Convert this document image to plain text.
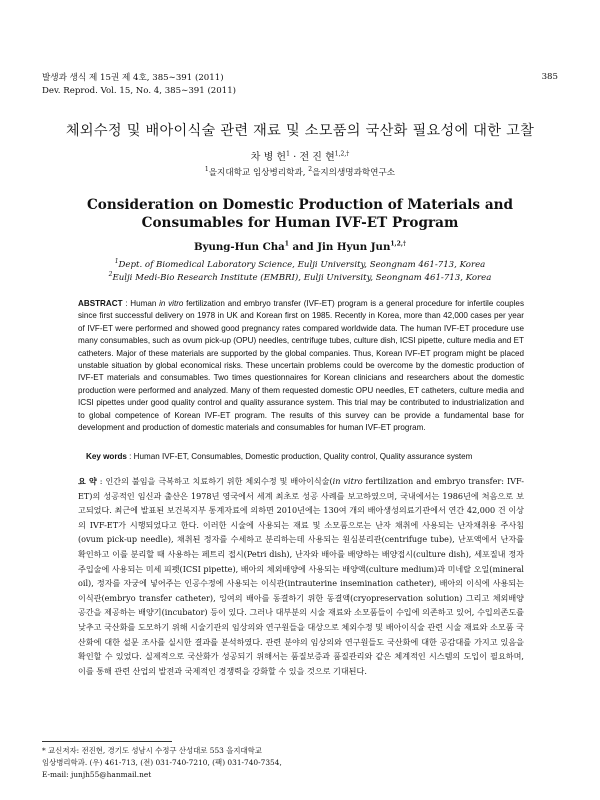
발생과 생식 제 15권 제 4호, 385∼391 (2011)
Dev. Reprod. Vol. 15, No. 4, 385∼391 (2011)
385
체외수정 및 배아이식술 관련 재료 및 소모품의 국산화 필요성에 대한 고찰
차 병 헌$^1$ · 전 진 현$^{1,2,\dagger}$
$^1$을지대학교 임상병리학과, $^2$을지의생명과학연구소
Consideration on Domestic Production of Materials and Consumables for Human IVF-ET Program
Byung-Hun Cha$^1$ and Jin Hyun Jun$^{1,2,\dagger}$
$^1$Dept. of Biomedical Laboratory Science, Eulji University, Seongnam 461-713, Korea
$^2$Eulji Medi-Bio Research Institute (EMBRI), Eulji University, Seongnam 461-713, Korea
ABSTRACT : Human in vitro fertilization and embryo transfer (IVF-ET) program is a general procedure for infertile couples since first successful delivery on 1978 in UK and Korean first on 1985. Recently in Korea, more than 42,000 cases per year of IVF-ET were performed and showed good pregnancy rates compared worldwide data. The human IVF-ET procedure use many consumables, such as ovum pick-up (OPU) needles, centrifuge tubes, culture dish, ICSI pipette, culture media and ET catheters. Major of these materials are supported by the global companies. Thus, Korean IVF-ET program might be placed unstable situation by global economical risks. These uncertain problems could be overcome by the domestic production of IVF-ET materials and consumables. Two times questionnaires for Korean clinicians and researchers about the domestic production were performed and analyzed. Many of them requested domestic OPU needles, ET catheters, culture media and ICSI pipettes under good quality control and quality assurance system. This trial may be contributed to industrialization and to global competence of Korean IVF-ET program. The results of this survey can be provide a fundamental base for development and production of domestic materials and consumables for human IVF-ET program.
Key words : Human IVF-ET, Consumables, Domestic production, Quality control, Quality assurance system
요 약 : 인간의 불임을 극복하고 치료하기 위한 체외수정 및 배아이식술(in vitro fertilization and embryo transfer: IVF-ET)의 성공적인 임신과 출산은 1978년 영국에서 세계 최초로 성공 사례를 보고하였으며, 국내에서는 1986년에 처음으로 보고되었다. 최근에 발표된 보건복지부 통계자료에 의하면 2010년에는 130여 개의 배아생성의료기관에서 연간 42,000 건 이상의 IVF-ET가 시행되었다고 한다. 이러한 시술에 사용되는 재료 및 소모품으로는 난자 채취에 사용되는 난자채취용 주사침(ovum pick-up needle), 채취된 정자를 수세하고 분리하는데 사용되는 원심분리관(centrifuge tube), 난포액에서 난자를 확인하고 이를 분리할 때 사용하는 페트리 접시(Petri dish), 난자와 배아를 배양하는 배양접시(culture dish), 세포질내 정자주입술에 사용되는 미세 피펫(ICSI pipette), 배아의 체외배양에 사용되는 배양액(culture medium)과 미네랄 오일(mineral oil), 정자를 자궁에 넣어주는 인공수정에 사용되는 이식관(intrauterine insemination catheter), 배아의 이식에 사용되는 이식관(embryo transfer catheter), 잉여의 배아를 동결하기 위한 동결액(cryopreservation solution) 그리고 체외배양 공간을 제공하는 배양기(incubator) 등이 있다. 그러나 대부분의 시술 재료와 소모품들이 수입에 의존하고 있어, 수입의존도를 낮추고 국산화를 도모하기 위해 시술기관의 임상의와 연구원들을 대상으로 체외수정 및 배아이식술 관련 시술 재료와 소모품 국산화에 대한 설문 조사를 실시한 결과를 분석하였다. 관련 분야의 임상의와 연구원들도 국산화에 대한 공감대를 가지고 있음을 확인할 수 있었다. 실제적으로 국산화가 성공되기 위해서는 품질보증과 품질관리와 같은 체계적인 시스템의 도입이 필요하며, 이를 통해 관련 산업의 발전과 국제적인 경쟁력을 강화할 수 있을 것으로 기대된다.
* 교신저자: 전진현, 경기도 성남시 수정구 산성대로 553 을지대학교
임상병리학과. (우) 461-713, (전) 031-740-7210, (팩) 031-740-7354,
E-mail: junjh55@hanmail.net
